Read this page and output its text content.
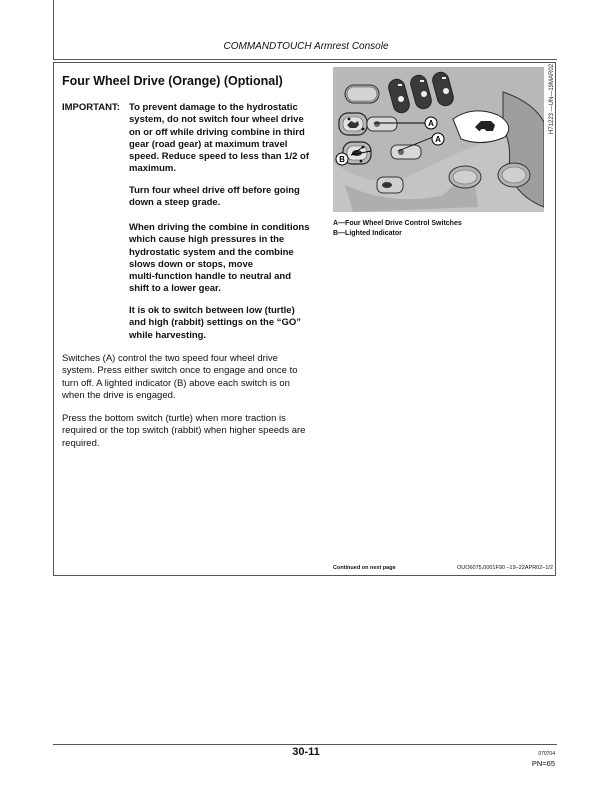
COMMANDTOUCH Armrest Console
Four Wheel Drive (Orange) (Optional)
IMPORTANT: To prevent damage to the hydrostatic
system, do not switch four wheel drive
on or off while driving combine in third
gear (road gear) at maximum travel
speed. Reduce speed to less than 1/2 of
maximum.
Turn four wheel drive off before going
down a steep grade.
When driving the combine in conditions
which cause high pressures in the
hydrostatic system and the combine
slows down or stops, move
multi-function handle to neutral and
shift to a lower gear.
It is ok to switch between low (turtle)
and high (rabbit) settings on the “GO”
while harvesting.
Switches (A) control the two speed four wheel drive
system. Press either switch once to engage and once to
turn off. A lighted indicator (B) above each switch is on
when the drive is engaged.
Press the bottom switch (turtle) when more traction is
required or the top switch (rabbit) when higher speeds are
required.
A
A
B
H71223 —UN—19MAR02
A—Four Wheel Drive Control Switches
B—Lighted Indicator
Continued on next page	OUO6075,0001F90 –19–22APR02–1/2
30-11	070704
PN=65
